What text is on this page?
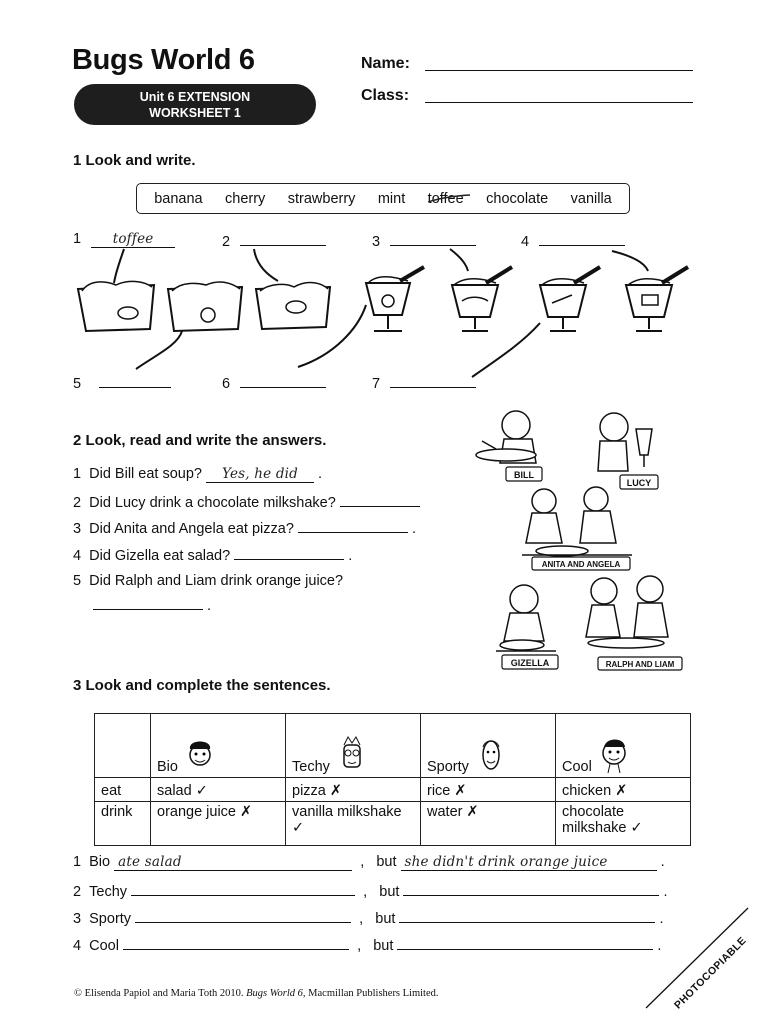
Bugs World 6
Unit 6 EXTENSION
WORKSHEET 1
Name:
Class:
1 Look and write.
banana cherry strawberry mint toffee chocolate vanilla
1 toffee	2	3	4
5	6	7
2 Look, read and write the answers.
1 Did Bill eat soup? Yes, he did .
2 Did Lucy drink a chocolate milkshake?
3 Did Anita and Angela eat pizza?	.
4 Did Gizella eat salad?	.
5 Did Ralph and Liam drink orange juice?
.
BILL
LUCY
ANITA AND ANGELA
GIZELLA	RALPH AND LIAM
3 Look and complete the sentences.
	Bio	Techy	Sporty	Cool
eat	salad ✓	pizza ✗	rice ✗	chicken ✗
drink	orange juice ✗	vanilla milkshake ✓	water ✗	chocolate milkshake ✓
1 Bio ate salad	, but she didn't drink orange juice	.
2 Techy	, but	.
3 Sporty	, but	.
4 Cool	, but	.	PHOTOCOPIABLE
© Elisenda Papiol and Maria Toth 2010. Bugs World 6, Macmillan Publishers Limited.
